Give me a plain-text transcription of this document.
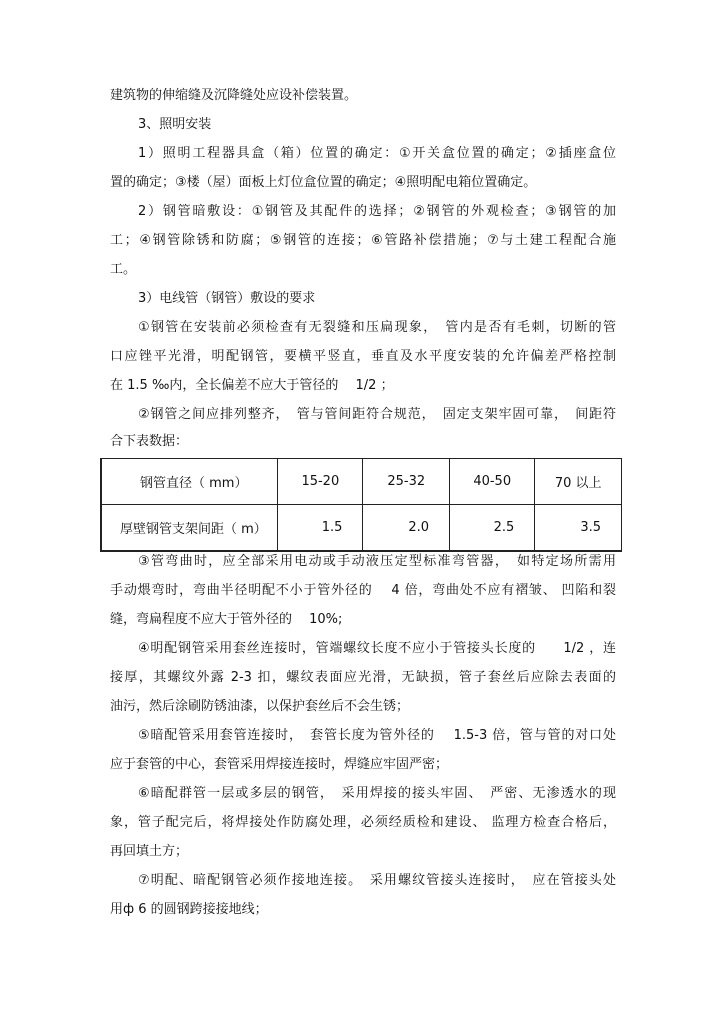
建筑物的伸缩缝及沉降缝处应设补偿装置。
3、照明安装
1）照明工程器具盒（箱）位置的确定：①开关盒位置的确定；②插座盒位
置的确定；③楼（屋）面板上灯位盒位置的确定；④照明配电箱位置确定。
2）钢管暗敷设：①钢管及其配件的选择；②钢管的外观检查；③钢管的加
工；④钢管除锈和防腐；⑤钢管的连接；⑥管路补偿措施；⑦与土建工程配合施
工。
3）电线管（钢管）敷设的要求
①钢管在安装前必须检查有无裂缝和压扁现象，　管内是否有毛刺，切断的管
口应锉平光滑，明配钢管，要横平竖直，垂直及水平度安装的允许偏差严格控制
在 1.5 ‰内，全长偏差不应大于管径的　 1/2 ；
②钢管之间应排列整齐，　管与管间距符合规范，　固定支架牢固可靠，　间距符
合下表数据：
钢管直径（ mm）	15-20	25-32	40-50	70 以上
厚壁钢管支架间距（ m）	1.5	2.0	2.5	3.5
③管弯曲时，应全部采用电动或手动液压定型标准弯管器，　如特定场所需用
手动煨弯时，弯曲半径明配不小于管外径的　 4 倍，弯曲处不应有褶皱、 凹陷和裂
缝，弯扁程度不应大于管外径的　 10%;
④明配钢管采用套丝连接时，管端螺纹长度不应小于管接头长度的　　1/2 ，连
接厚，其螺纹外露 2-3 扣，螺纹表面应光滑，无缺损，管子套丝后应除去表面的
油污，然后涂刷防锈油漆，以保护套丝后不会生锈；
⑤暗配管采用套管连接时，　套管长度为管外径的　 1.5-3 倍，管与管的对口处
应于套管的中心，套管采用焊接连接时，焊缝应牢固严密；
⑥暗配群管一层或多层的钢管，　采用焊接的接头牢固、　严密、无渗透水的现
象，管子配完后，将焊接处作防腐处理，必须经质检和建设、 监理方检查合格后，
再回填土方；
⑦明配、暗配钢管必须作接地连接。　采用螺纹管接头连接时，　应在管接头处
用ф 6 的圆钢跨接接地线；
